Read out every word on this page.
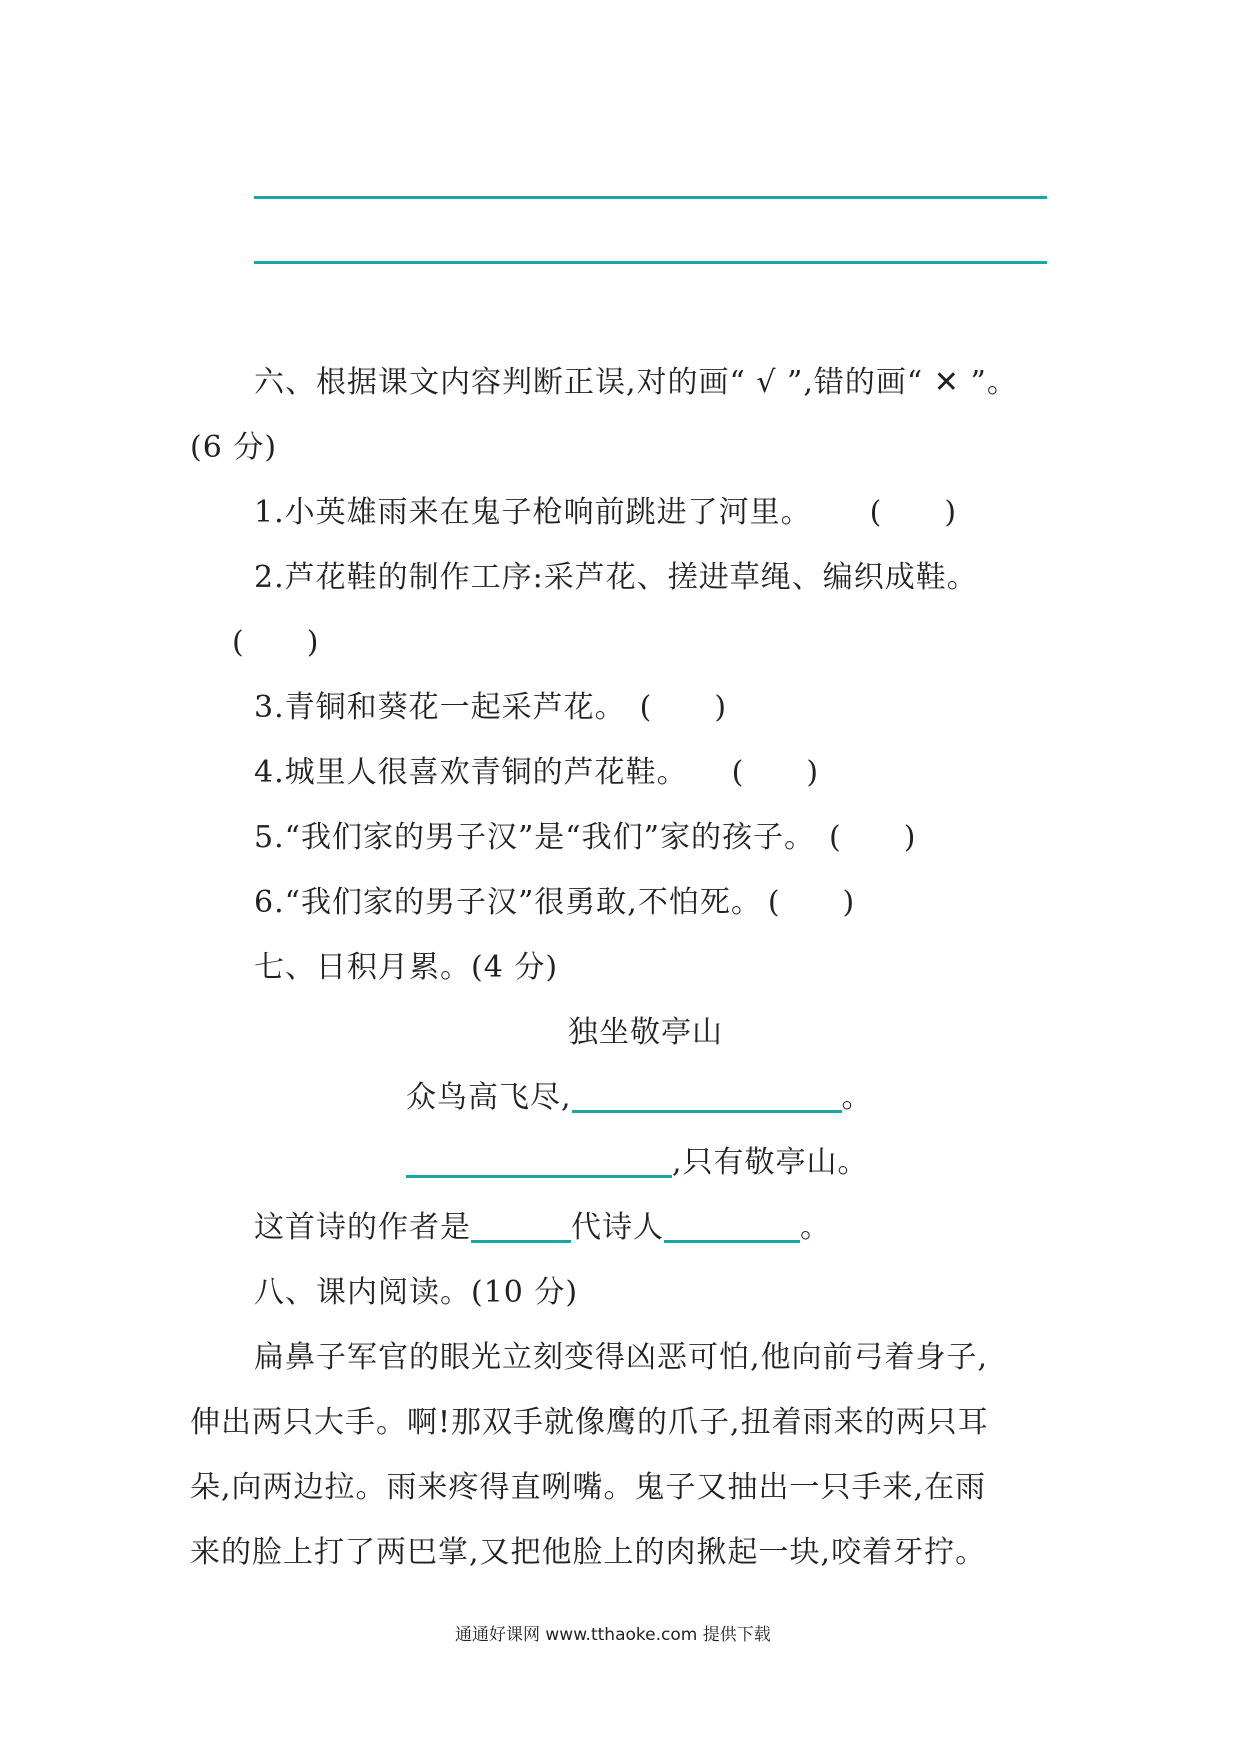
六、根据课文内容判断正误,对的画“ √ ”,错的画“ ✕ ”。
(6 分)
1.小英雄雨来在鬼子枪响前跳进了河里。 (　　)
2.芦花鞋的制作工序:采芦花、搓进草绳、编织成鞋。
(　　)
3.青铜和葵花一起采芦花。 (　　)
4.城里人很喜欢青铜的芦花鞋。 (　　)
5.“我们家的男子汉”是“我们”家的孩子。 (　　)
6.“我们家的男子汉”很勇敢,不怕死。 (　　)
七、日积月累。(4 分)
独坐敬亭山
众鸟高飞尽,	。
,只有敬亭山。
这首诗的作者是	代诗人	。
八、课内阅读。(10 分)
扁鼻子军官的眼光立刻变得凶恶可怕,他向前弓着身子,
伸出两只大手。啊!那双手就像鹰的爪子,扭着雨来的两只耳
朵,向两边拉。雨来疼得直咧嘴。鬼子又抽出一只手来,在雨
来的脸上打了两巴掌,又把他脸上的肉揪起一块,咬着牙拧。
通通好课网 www.tthaoke.com 提供下载
